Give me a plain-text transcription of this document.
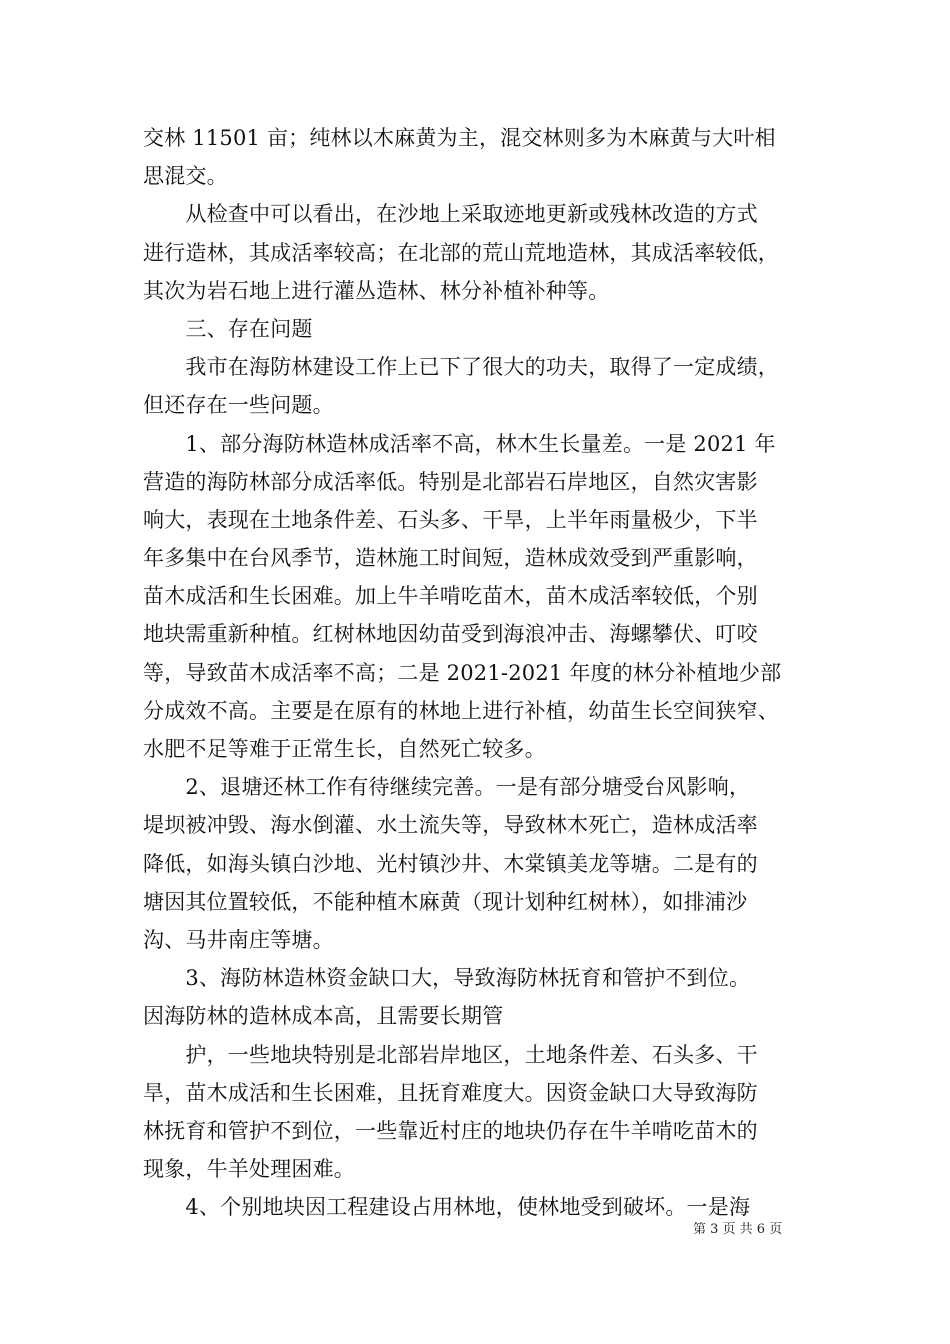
交林 11501 亩；纯林以木麻黄为主，混交林则多为木麻黄与大叶相
思混交。
　　从检查中可以看出，在沙地上采取迹地更新或残林改造的方式
进行造林，其成活率较高；在北部的荒山荒地造林，其成活率较低，
其次为岩石地上进行灌丛造林、林分补植补种等。
　　三、存在问题
　　我市在海防林建设工作上已下了很大的功夫，取得了一定成绩，
但还存在一些问题。
　　1、部分海防林造林成活率不高，林木生长量差。一是 2021 年
营造的海防林部分成活率低。特别是北部岩石岸地区，自然灾害影
响大，表现在土地条件差、石头多、干旱，上半年雨量极少，下半
年多集中在台风季节，造林施工时间短，造林成效受到严重影响，
苗木成活和生长困难。加上牛羊啃吃苗木，苗木成活率较低，个别
地块需重新种植。红树林地因幼苗受到海浪冲击、海螺攀伏、叮咬
等，导致苗木成活率不高；二是 2021-2021 年度的林分补植地少部
分成效不高。主要是在原有的林地上进行补植，幼苗生长空间狭窄、
水肥不足等难于正常生长，自然死亡较多。
　　2、退塘还林工作有待继续完善。一是有部分塘受台风影响，
堤坝被冲毁、海水倒灌、水土流失等，导致林木死亡，造林成活率
降低，如海头镇白沙地、光村镇沙井、木棠镇美龙等塘。二是有的
塘因其位置较低，不能种植木麻黄（现计划种红树林），如排浦沙
沟、马井南庄等塘。
　　3、海防林造林资金缺口大，导致海防林抚育和管护不到位。
因海防林的造林成本高，且需要长期管
　　护，一些地块特别是北部岩岸地区，土地条件差、石头多、干
旱，苗木成活和生长困难，且抚育难度大。因资金缺口大导致海防
林抚育和管护不到位，一些靠近村庄的地块仍存在牛羊啃吃苗木的
现象，牛羊处理困难。
　　4、个别地块因工程建设占用林地，使林地受到破坏。一是海
第 3 页 共 6 页
